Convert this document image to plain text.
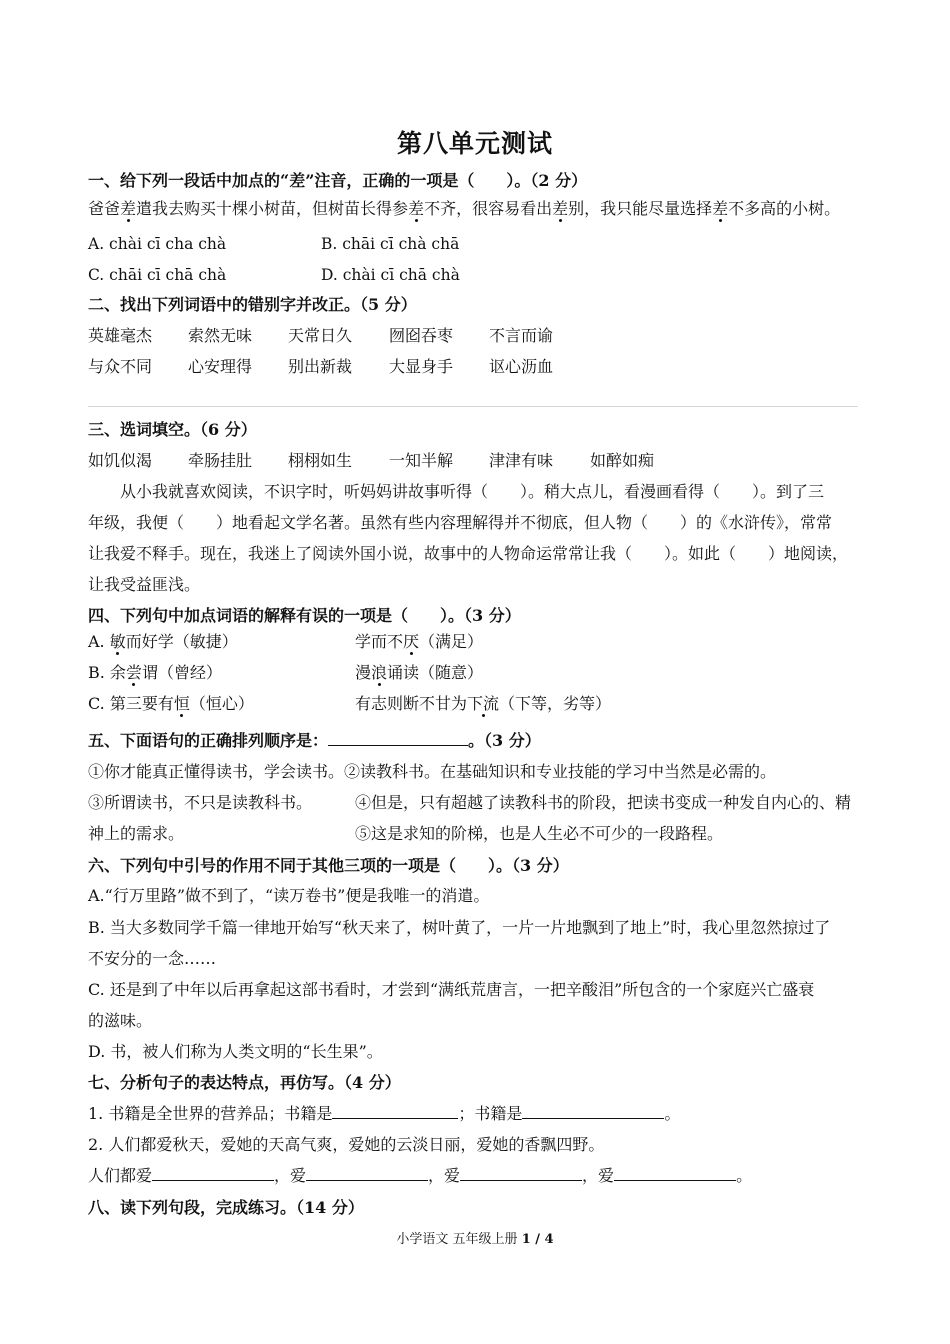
第八单元测试
一、给下列一段话中加点的“差”注音，正确的一项是（　　）。（2 分）
爸爸差遣我去购买十棵小树苗，但树苗长得参差不齐，很容易看出差别，我只能尽量选择差不多高的小树。
A. chài cī cha chà	B. chāi cī chà chā
C. chāi cī chā chà	D. chài cī chā chà
二、找出下列词语中的错别字并改正。（5 分）
英雄毫杰 索然无味 天常日久 囫囵吞枣 不言而谕
与众不同 心安理得 别出新裁 大显身手 讴心沥血
三、选词填空。（6 分）
如饥似渴 牵肠挂肚 栩栩如生 一知半解 津津有味 如醉如痴
从小我就喜欢阅读，不识字时，听妈妈讲故事听得（　　）。稍大点儿，看漫画看得（　　）。到了三
年级，我便（　　）地看起文学名著。虽然有些内容理解得并不彻底，但人物（　　）的《水浒传》，常常
让我爱不释手。现在，我迷上了阅读外国小说，故事中的人物命运常常让我（　　）。如此（　　）地阅读，
让我受益匪浅。
四、下列句中加点词语的解释有误的一项是（　　）。（3 分）
A. 敏而好学（敏捷）	学而不厌（满足）
B. 余尝谓（曾经）	漫浪诵读（随意）
C. 第三要有恒（恒心）	有志则断不甘为下流（下等，劣等）
五、下面语句的正确排列顺序是：	。（3 分）
①你才能真正懂得读书，学会读书。②读教科书。在基础知识和专业技能的学习中当然是必需的。
③所谓读书，不只是读教科书。	④但是，只有超越了读教科书的阶段，把读书变成一种发自内心的、精
神上的需求。	⑤这是求知的阶梯，也是人生必不可少的一段路程。
六、下列句中引号的作用不同于其他三项的一项是（　　）。（3 分）
A.“行万里路”做不到了，“读万卷书”便是我唯一的消遣。
B. 当大多数同学千篇一律地开始写“秋天来了，树叶黄了，一片一片地飘到了地上”时，我心里忽然掠过了
不安分的一念……
C. 还是到了中年以后再拿起这部书看时，才尝到“满纸荒唐言，一把辛酸泪”所包含的一个家庭兴亡盛衰
的滋味。
D. 书，被人们称为人类文明的“长生果”。
七、分析句子的表达特点，再仿写。（4 分）
1. 书籍是全世界的营养品；书籍是	；书籍是	。
2. 人们都爱秋天，爱她的天高气爽，爱她的云淡日丽，爱她的香飘四野。
人们都爱	，爱	，爱	，爱	。
八、读下列句段，完成练习。（14 分）
小学语文 五年级上册 1 / 4
